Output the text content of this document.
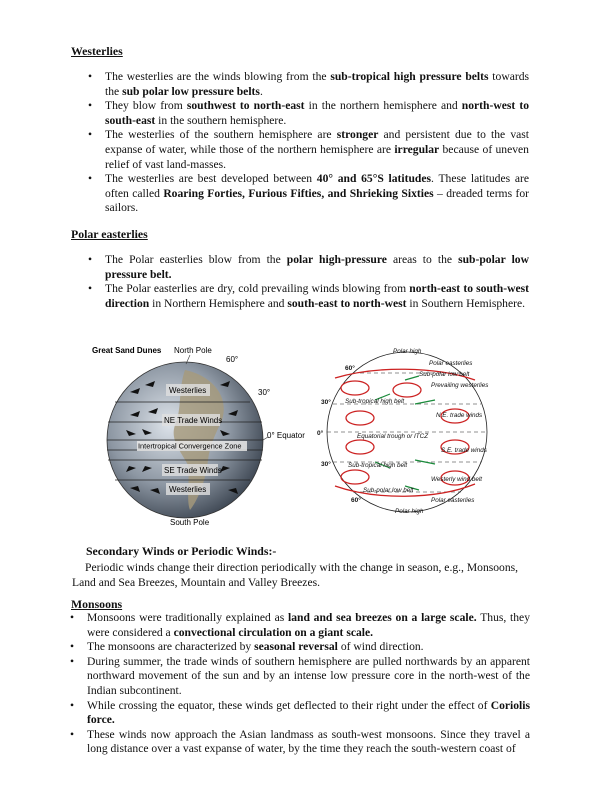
Westerlies
• The westerlies are the winds blowing from the sub-tropical high pressure belts towards the sub polar low pressure belts.
• They blow from southwest to north-east in the northern hemisphere and north-west to south-east in the southern hemisphere.
• The westerlies of the southern hemisphere are stronger and persistent due to the vast expanse of water, while those of the northern hemisphere are irregular because of uneven relief of vast land-masses.
• The westerlies are best developed between 40° and 65°S latitudes. These latitudes are often called Roaring Forties, Furious Fifties, and Shrieking Sixties – dreaded terms for sailors.
Polar easterlies
• The Polar easterlies blow from the polar high-pressure areas to the sub-polar low pressure belt.
• The Polar easterlies are dry, cold prevailing winds blowing from north-east to south-west direction in Northern Hemisphere and south-east to north-west in Southern Hemisphere.
Westerlies
NE Trade Winds
Intertropical Convergence Zone
SE Trade Winds
Westerlies
Great Sand Dunes North Pole
60°
30°
0° Equator
South Pole
Polar high
Polar easterlies
Sub-polar low belt
Prevailing westerlies
Sub-tropical high belt
N.E. trade winds
Equatorial trough or ITCZ
S.E. trade winds
Sub-tropical high belt
Westerly wind belt
Sub-polar low belt
Polar easterlies
Polar high
60°
30°
0°
30°
60°
Secondary Winds or Periodic Winds:-
Periodic winds change their direction periodically with the change in season, e.g., Monsoons, Land and Sea Breezes, Mountain and Valley Breezes.
Monsoons
• Monsoons were traditionally explained as land and sea breezes on a large scale. Thus, they were considered a convectional circulation on a giant scale.
• The monsoons are characterized by seasonal reversal of wind direction.
• During summer, the trade winds of southern hemisphere are pulled northwards by an apparent northward movement of the sun and by an intense low pressure core in the north-west of the Indian subcontinent.
• While crossing the equator, these winds get deflected to their right under the effect of Coriolis force.
• These winds now approach the Asian landmass as south-west monsoons. Since they travel a long distance over a vast expanse of water, by the time they reach the south-western coast of
